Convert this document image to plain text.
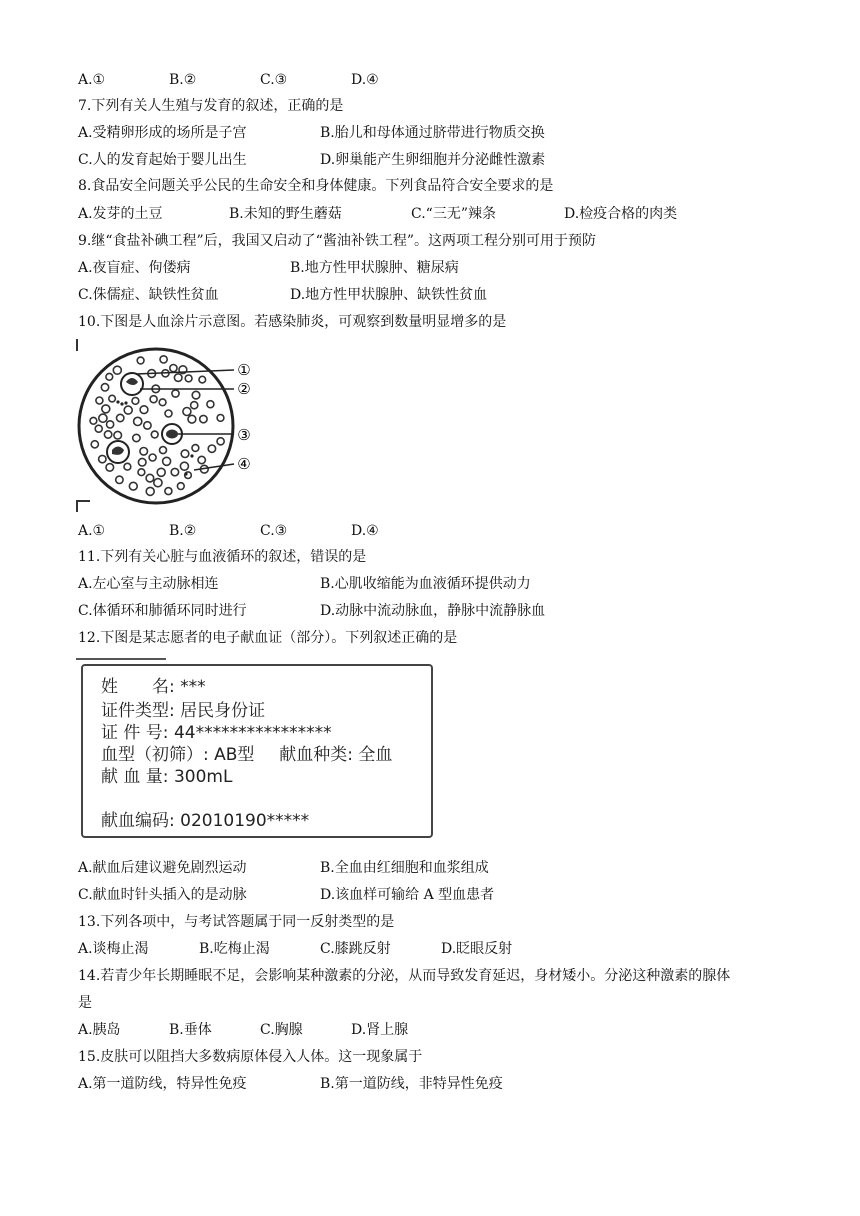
A.①	B.②	C.③	D.④
7.下列有关人生殖与发育的叙述，正确的是
A.受精卵形成的场所是子宫	B.胎儿和母体通过脐带进行物质交换
C.人的发育起始于婴儿出生	D.卵巢能产生卵细胞并分泌雌性激素
8.食品安全问题关乎公民的生命安全和身体健康。下列食品符合安全要求的是
A.发芽的土豆	B.未知的野生蘑菇	C.“三无”辣条	D.检疫合格的肉类
9.继“食盐补碘工程”后，我国又启动了“酱油补铁工程”。这两项工程分别可用于预防
A.夜盲症、佝偻病	B.地方性甲状腺肿、糖尿病
C.侏儒症、缺铁性贫血	D.地方性甲状腺肿、缺铁性贫血
10.下图是人血涂片示意图。若感染肺炎，可观察到数量明显增多的是
①
②
③
④
A.①	B.②	C.③	D.④
11.下列有关心脏与血液循环的叙述，错误的是
A.左心室与主动脉相连	B.心肌收缩能为血液循环提供动力
C.体循环和肺循环同时进行	D.动脉中流动脉血，静脉中流静脉血
12.下图是某志愿者的电子献血证（部分）。下列叙述正确的是
姓　　名: ***
证件类型: 居民身份证
证 件 号: 44****************
血型（初筛）: AB型 献血种类: 全血
献 血 量: 300mL
献血编码: 02010190*****
A.献血后建议避免剧烈运动	B.全血由红细胞和血浆组成
C.献血时针头插入的是动脉	D.该血样可输给 A 型血患者
13.下列各项中，与考试答题属于同一反射类型的是
A.谈梅止渴	B.吃梅止渴	C.膝跳反射	D.眨眼反射
14.若青少年长期睡眠不足，会影响某种激素的分泌，从而导致发育延迟，身材矮小。分泌这种激素的腺体
是
A.胰岛	B.垂体	C.胸腺	D.肾上腺
15.皮肤可以阻挡大多数病原体侵入人体。这一现象属于
A.第一道防线，特异性免疫	B.第一道防线，非特异性免疫
